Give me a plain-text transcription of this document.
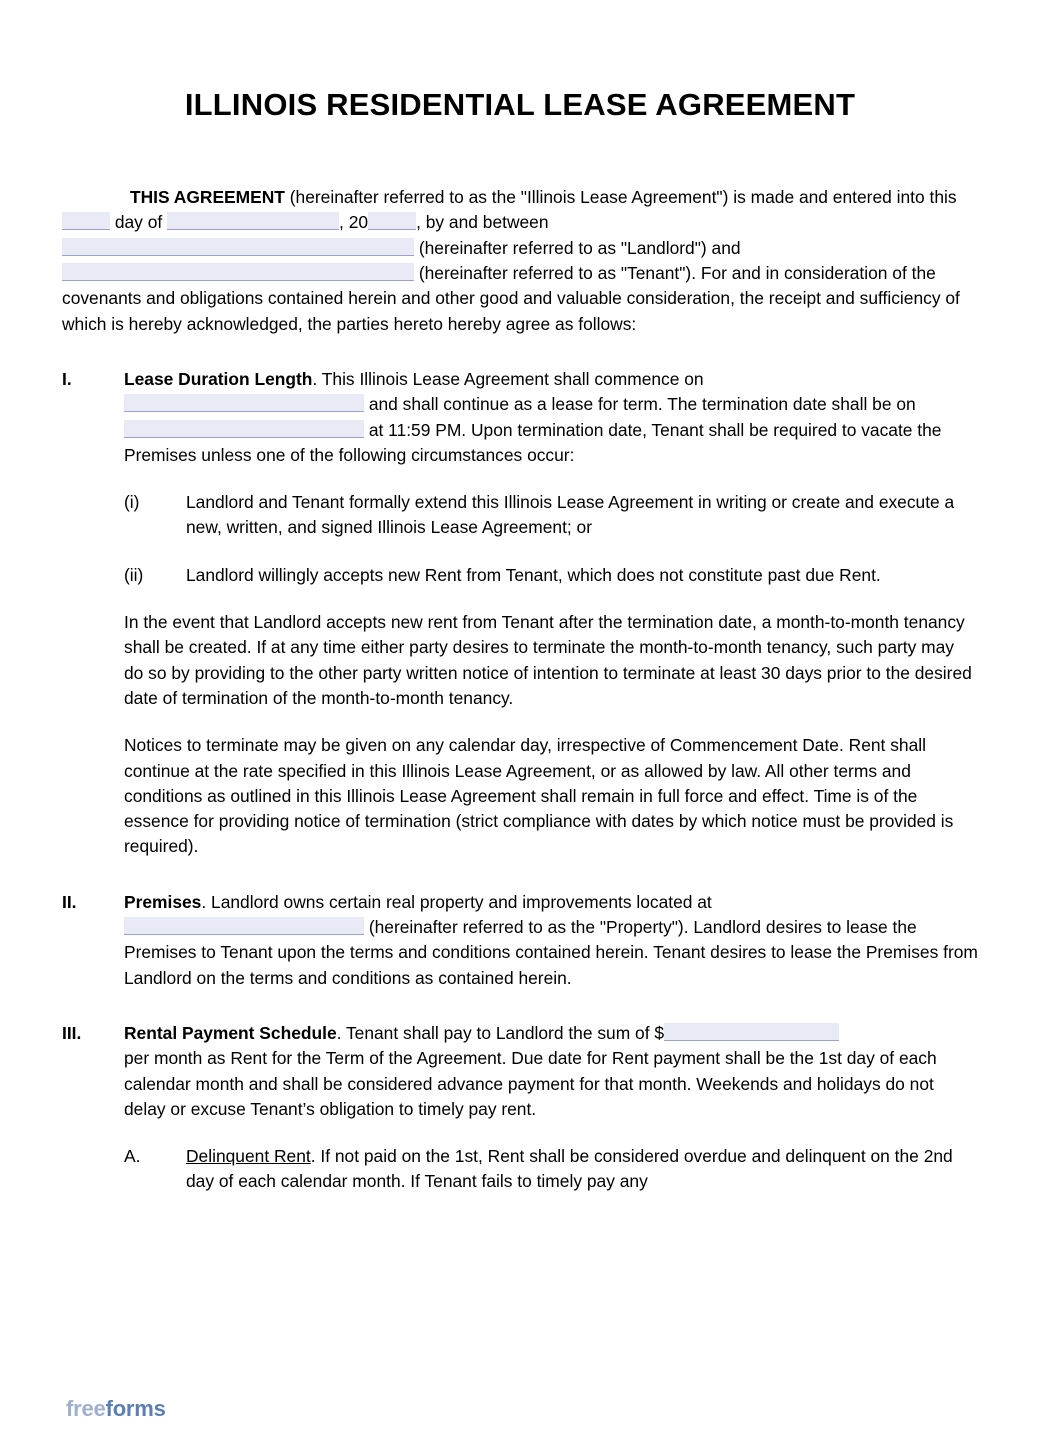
ILLINOIS RESIDENTIAL LEASE AGREEMENT

THIS AGREEMENT (hereinafter referred to as the "Illinois Lease Agreement") is made and entered into this  day of	, 20	, by and between

(hereinafter referred to as "Landlord") and

(hereinafter referred to as "Tenant"). For and in consideration of the covenants and obligations contained herein and other good and valuable consideration, the receipt and sufficiency of which is hereby acknowledged, the parties hereto hereby agree as follows:

I.	Lease Duration Length. This Illinois Lease Agreement shall commence on
and shall continue as a lease for term. The termination date shall be on  at 11:59 PM. Upon termination date, Tenant shall be required to vacate the Premises unless one of the following circumstances occur:

(i)	Landlord and Tenant formally extend this Illinois Lease Agreement in writing or create and execute a new, written, and signed Illinois Lease Agreement; or
(ii)	Landlord willingly accepts new Rent from Tenant, which does not constitute past due Rent.

In the event that Landlord accepts new rent from Tenant after the termination date, a month-to-month tenancy shall be created. If at any time either party desires to terminate the month-to-month tenancy, such party may do so by providing to the other party written notice of intention to terminate at least 30 days prior to the desired date of termination of the month-to-month tenancy.

Notices to terminate may be given on any calendar day, irrespective of Commencement Date. Rent shall continue at the rate specified in this Illinois Lease Agreement, or as allowed by law. All other terms and conditions as outlined in this Illinois Lease Agreement shall remain in full force and effect. Time is of the essence for providing notice of termination (strict compliance with dates by which notice must be provided is required).

II.	Premises. Landlord owns certain real property and improvements located at
(hereinafter referred to as the "Property"). Landlord desires to lease the Premises to Tenant upon the terms and conditions contained herein. Tenant desires to lease the Premises from Landlord on the terms and conditions as contained herein.

III.	Rental Payment Schedule. Tenant shall pay to Landlord the sum of $
per month as Rent for the Term of the Agreement. Due date for Rent payment shall be the 1st day of each calendar month and shall be considered advance payment for that month. Weekends and holidays do not delay or excuse Tenant’s obligation to timely pay rent.

A.	Delinquent Rent. If not paid on the 1st, Rent shall be considered overdue and delinquent on the 2nd day of each calendar month. If Tenant fails to timely pay any
freeforms
